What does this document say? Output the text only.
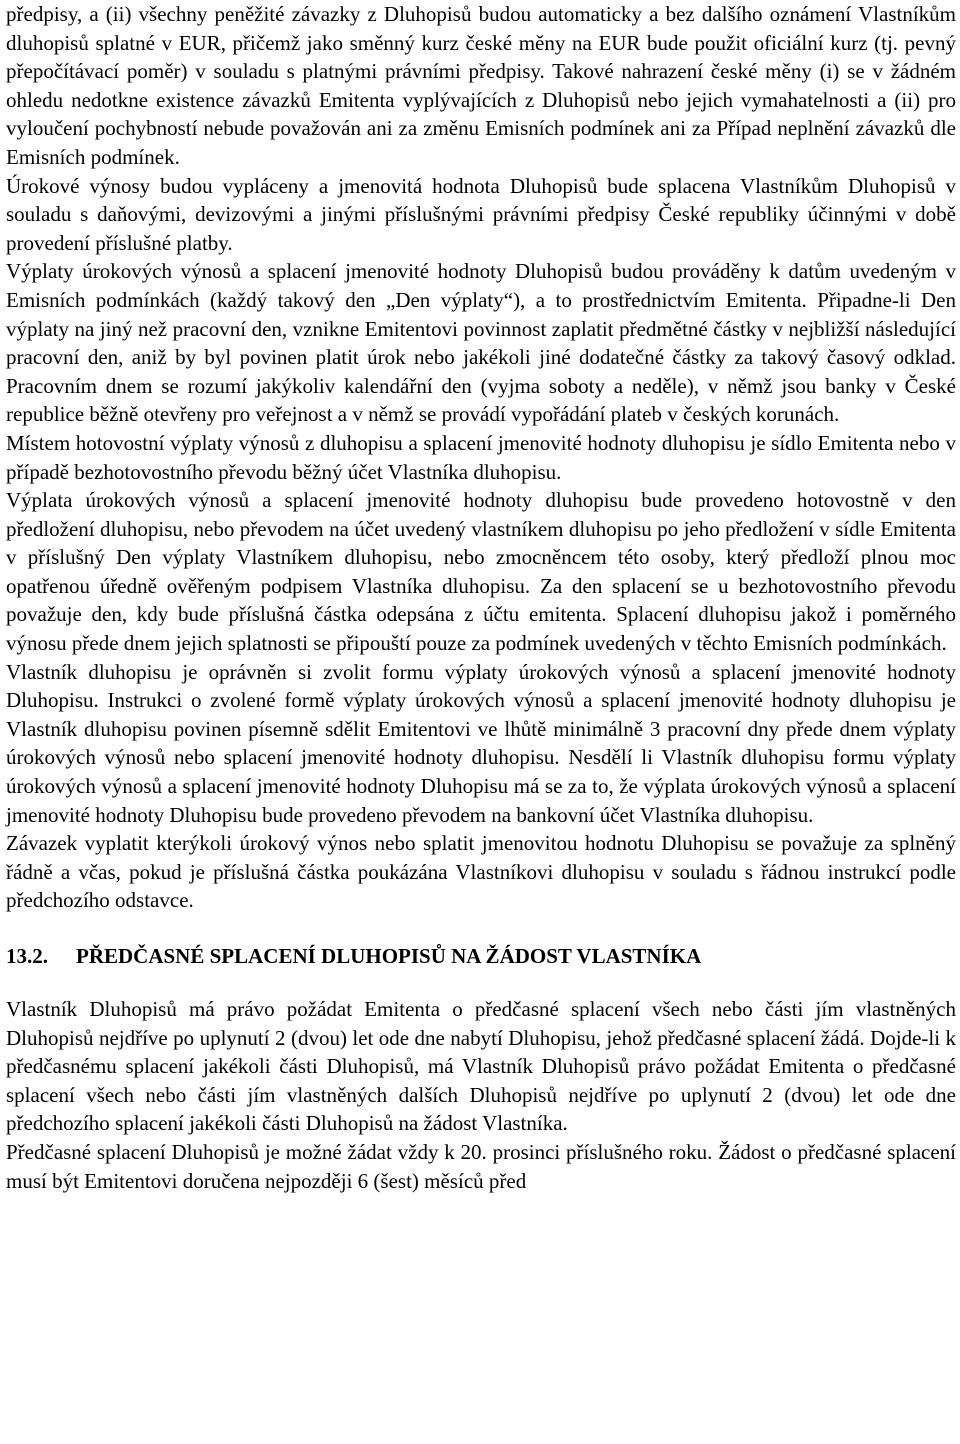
předpisy, a (ii) všechny peněžité závazky z Dluhopisů budou automaticky a bez dalšího oznámení Vlastníkům dluhopisů splatné v EUR, přičemž jako směnný kurz české měny na EUR bude použit oficiální kurz (tj. pevný přepočítávací poměr) v souladu s platnými právními předpisy. Takové nahrazení české měny (i) se v žádném ohledu nedotkne existence závazků Emitenta vyplývajících z Dluhopisů nebo jejich vymahatelnosti a (ii) pro vyloučení pochybností nebude považován ani za změnu Emisních podmínek ani za Případ neplnění závazků dle Emisních podmínek.

Úrokové výnosy budou vypláceny a jmenovitá hodnota Dluhopisů bude splacena Vlastníkům Dluhopisů v souladu s daňovými, devizovými a jinými příslušnými právními předpisy České republiky účinnými v době provedení příslušné platby.

Výplaty úrokových výnosů a splacení jmenovité hodnoty Dluhopisů budou prováděny k datům uvedeným v Emisních podmínkách (každý takový den „Den výplaty“), a to prostřednictvím Emitenta. Připadne-li Den výplaty na jiný než pracovní den, vznikne Emitentovi povinnost zaplatit předmětné částky v nejbližší následující pracovní den, aniž by byl povinen platit úrok nebo jakékoli jiné dodatečné částky za takový časový odklad. Pracovním dnem se rozumí jakýkoliv kalendářní den (vyjma soboty a neděle), v němž jsou banky v České republice běžně otevřeny pro veřejnost a v němž se provádí vypořádání plateb v českých korunách.

Místem hotovostní výplaty výnosů z dluhopisu a splacení jmenovité hodnoty dluhopisu je sídlo Emitenta nebo v případě bezhotovostního převodu běžný účet Vlastníka dluhopisu.

Výplata úrokových výnosů a splacení jmenovité hodnoty dluhopisu bude provedeno hotovostně v den předložení dluhopisu, nebo převodem na účet uvedený vlastníkem dluhopisu po jeho předložení v sídle Emitenta v příslušný Den výplaty Vlastníkem dluhopisu, nebo zmocněncem této osoby, který předloží plnou moc opatřenou úředně ověřeným podpisem Vlastníka dluhopisu. Za den splacení se u bezhotovostního převodu považuje den, kdy bude příslušná částka odepsána z účtu emitenta. Splacení dluhopisu jakož i poměrného výnosu přede dnem jejich splatnosti se připouští pouze za podmínek uvedených v těchto Emisních podmínkách.

Vlastník dluhopisu je oprávněn si zvolit formu výplaty úrokových výnosů a splacení jmenovité hodnoty Dluhopisu. Instrukci o zvolené formě výplaty úrokových výnosů a splacení jmenovité hodnoty dluhopisu je Vlastník dluhopisu povinen písemně sdělit Emitentovi ve lhůtě minimálně 3 pracovní dny přede dnem výplaty úrokových výnosů nebo splacení jmenovité hodnoty dluhopisu. Nesdělí li Vlastník dluhopisu formu výplaty úrokových výnosů a splacení jmenovité hodnoty Dluhopisu má se za to, že výplata úrokových výnosů a splacení jmenovité hodnoty Dluhopisu bude provedeno převodem na bankovní účet Vlastníka dluhopisu.

Závazek vyplatit kterýkoli úrokový výnos nebo splatit jmenovitou hodnotu Dluhopisu se považuje za splněný řádně a včas, pokud je příslušná částka poukázána Vlastníkovi dluhopisu v souladu s řádnou instrukcí podle předchozího odstavce.

13.2. PŘEDČASNÉ SPLACENÍ DLUHOPISŮ NA ŽÁDOST VLASTNÍKA

Vlastník Dluhopisů má právo požádat Emitenta o předčasné splacení všech nebo části jím vlastněných Dluhopisů nejdříve po uplynutí 2 (dvou) let ode dne nabytí Dluhopisu, jehož předčasné splacení žádá. Dojde-li k předčasnému splacení jakékoli části Dluhopisů, má Vlastník Dluhopisů právo požádat Emitenta o předčasné splacení všech nebo části jím vlastněných dalších Dluhopisů nejdříve po uplynutí 2 (dvou) let ode dne předchozího splacení jakékoli části Dluhopisů na žádost Vlastníka.

Předčasné splacení Dluhopisů je možné žádat vždy k 20. prosinci příslušného roku. Žádost o předčasné splacení musí být Emitentovi doručena nejpozději 6 (šest) měsíců před
